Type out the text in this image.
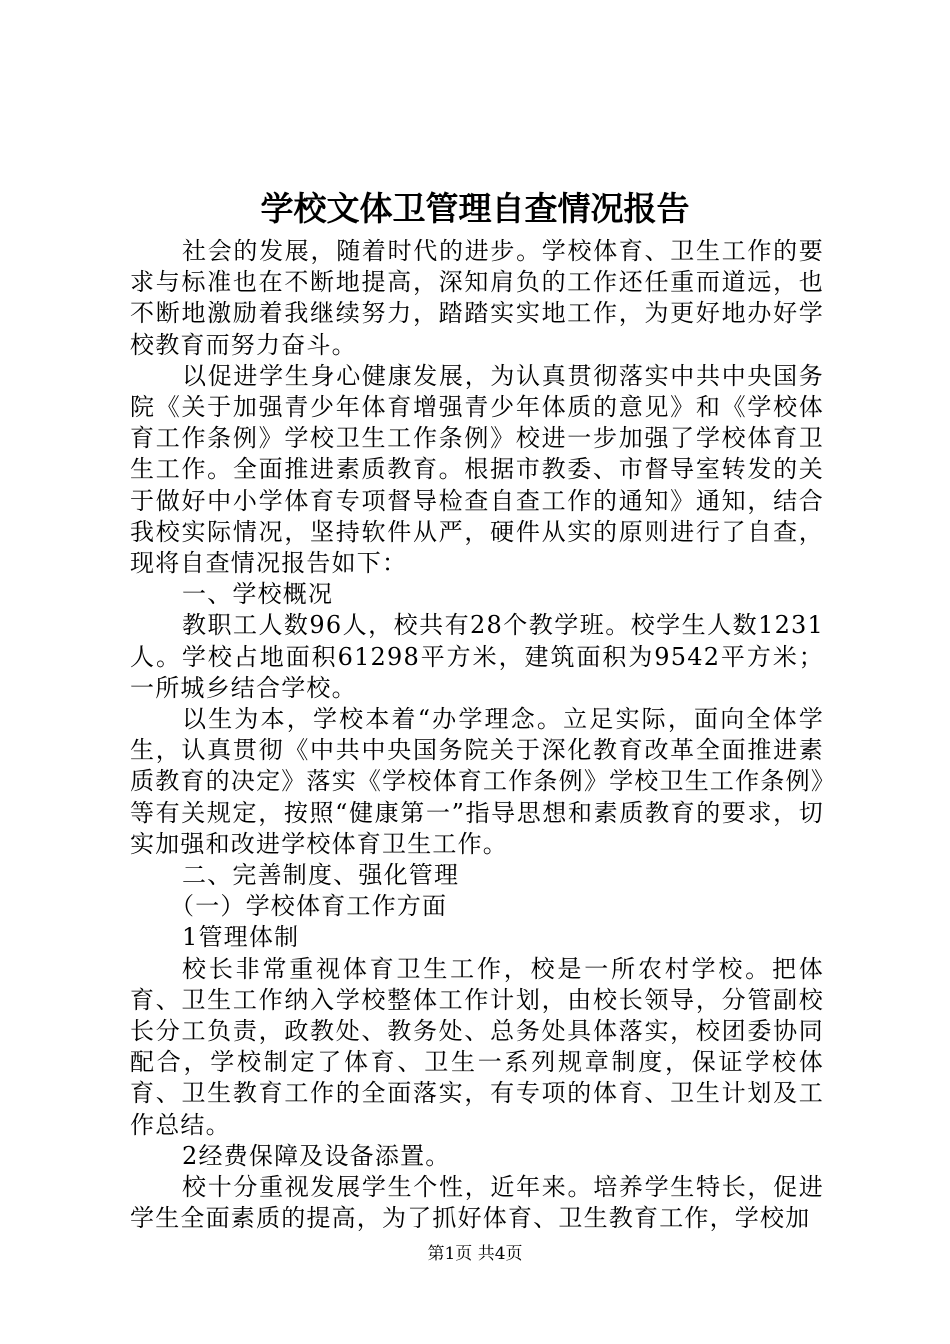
学校文体卫管理自查情况报告

社会的发展，随着时代的进步。学校体育、卫生工作的要求与标准也在不断地提高，深知肩负的工作还任重而道远，也不断地激励着我继续努力，踏踏实实地工作，为更好地办好学校教育而努力奋斗。

以促进学生身心健康发展，为认真贯彻落实中共中央国务院《关于加强青少年体育增强青少年体质的意见》和《学校体育工作条例》学校卫生工作条例》校进一步加强了学校体育卫生工作。全面推进素质教育。根据市教委、市督导室转发的关于做好中小学体育专项督导检查自查工作的通知》通知，结合我校实际情况，坚持软件从严，硬件从实的原则进行了自查，现将自查情况报告如下：

一、学校概况

教职工人数96人，校共有28个教学班。校学生人数1231人。学校占地面积61298平方米，建筑面积为9542平方米；一所城乡结合学校。

以生为本，学校本着“办学理念。立足实际，面向全体学生，认真贯彻《中共中央国务院关于深化教育改革全面推进素质教育的决定》落实《学校体育工作条例》学校卫生工作条例》等有关规定，按照“健康第一”指导思想和素质教育的要求，切实加强和改进学校体育卫生工作。

二、完善制度、强化管理

（一）学校体育工作方面

1管理体制

校长非常重视体育卫生工作，校是一所农村学校。把体育、卫生工作纳入学校整体工作计划，由校长领导，分管副校长分工负责，政教处、教务处、总务处具体落实，校团委协同配合，学校制定了体育、卫生一系列规章制度，保证学校体育、卫生教育工作的全面落实，有专项的体育、卫生计划及工作总结。

2经费保障及设备添置。

校十分重视发展学生个性，近年来。培养学生特长，促进学生全面素质的提高，为了抓好体育、卫生教育工作，学校加

第1页 共4页
